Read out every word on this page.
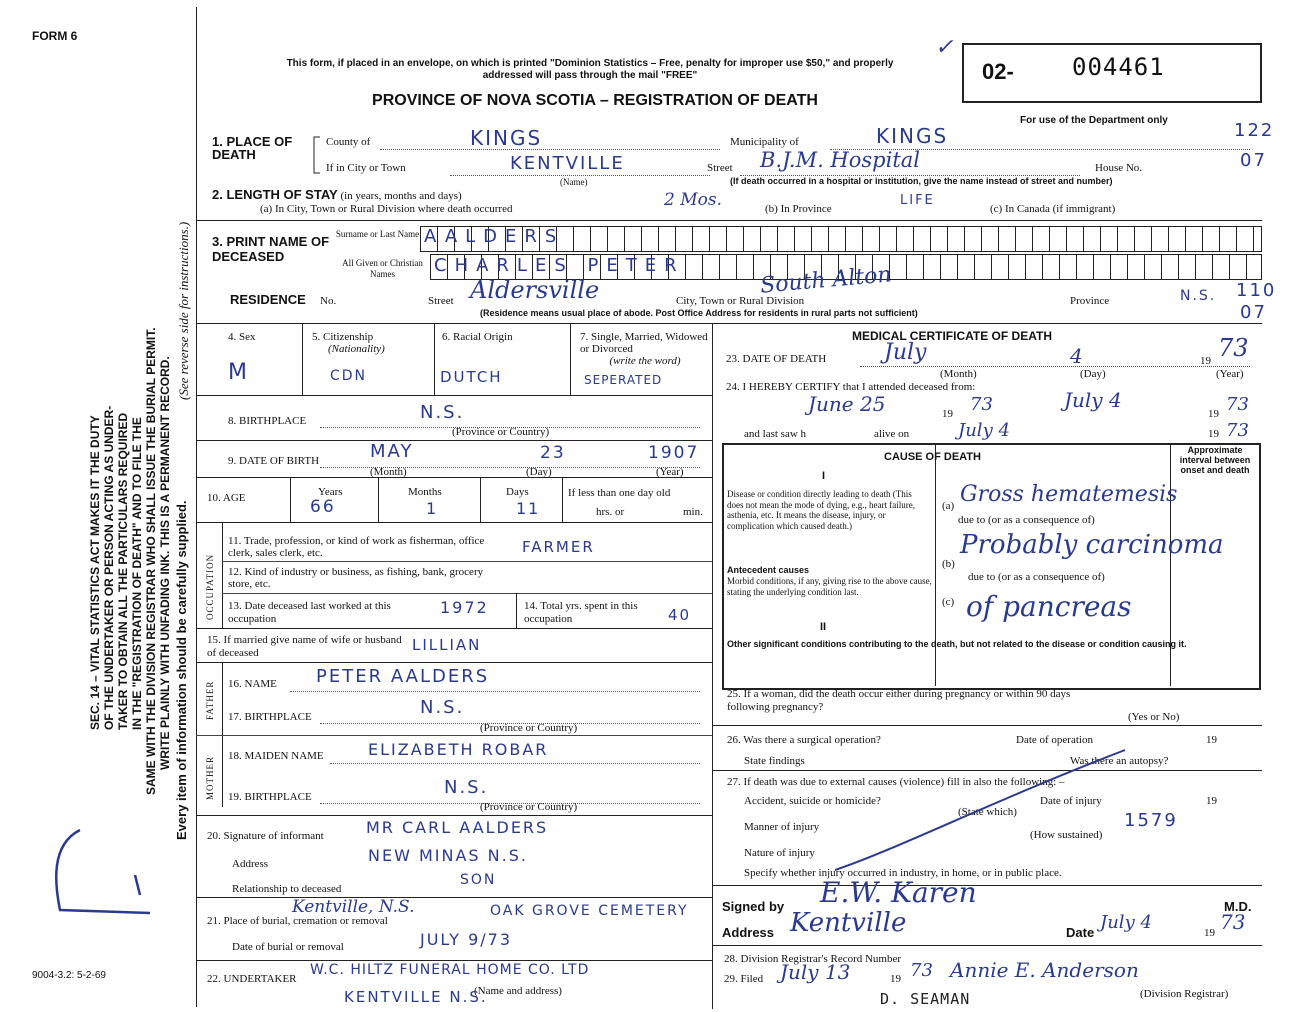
FORM 6
9004-3.2: 5-2-69
SEC. 14 – VITAL STATISTICS ACT MAKES IT THE DUTY OF THE UNDERTAKER OR PERSON ACTING AS UNDER- TAKER TO OBTAIN ALL THE PARTICULARS REQUIRED IN THE "REGISTRATION OF DEATH" AND TO FILE THE SAME WITH THE DIVISION REGISTRAR WHO SHALL ISSUE THE BURIAL PERMIT. WRITE PLAINLY WITH UNFADING INK. THIS IS A PERMANENT RECORD.
(See reverse side for instructions.)
Every item of information should be carefully supplied.
This form, if placed in an envelope, on which is printed "Dominion Statistics – Free, penalty for improper use $50," and properly addressed will pass through the mail "FREE"
PROVINCE OF NOVA SCOTIA – REGISTRATION OF DEATH
02- 004461
✓
For use of the Department only	122
07
110
07
1. PLACE OF DEATH
County of	KINGS	Municipality of	KINGS
If in City or Town	KENTVILLE
(Name)
Street B.J.M. Hospital	House No.
(If death occurred in a hospital or institution, give the name instead of street and number)
2. LENGTH OF STAY (in years, months and days)
(a) In City, Town or Rural Division where death occurred	2 Mos.	(b) In Province
LIFE
(c) In Canada (if immigrant)
3. PRINT NAME OF DECEASED
Surname or Last Name AALDERS
All Given or Christian Names	CHARLES PETER
RESIDENCE No.	Street Aldersville	City, Town or Rural Division
South Alton
Province	N.S.
(Residence means usual place of abode. Post Office Address for residents in rural parts not sufficient)
4. Sex
M
5. Citizenship
(Nationality)
CDN
6. Racial Origin
DUTCH
7. Single, Married, Widowed or Divorced
(write the word)
SEPERATED
8. BIRTHPLACE	N.S.
(Province or Country)
9. DATE OF BIRTH	MAY	23	1907
(Month)	(Day)	(Year)
10. AGE	Years	Months	Days
66	1	11
If less than one day old
hrs. or	min.
OCCUPATION
11. Trade, profession, or kind of work as fisherman, office clerk, sales clerk, etc.	FARMER
12. Kind of industry or business, as fishing, bank, grocery store, etc.
13. Date deceased last worked at this occupation
1972	14. Total yrs. spent in this occupation	40
15. If married give name of wife or husband of deceased	LILLIAN
FATHER 16. NAME PETER AALDERS
17. BIRTHPLACE	N.S.
(Province or Country)
MOTHER 18. MAIDEN NAME	ELIZABETH ROBAR
19. BIRTHPLACE	N.S.
(Province or Country)
20. Signature of informant	MR CARL AALDERS
Address	NEW MINAS N.S.
Relationship to deceased
SON
21. Place of burial, cremation or removal
Kentville, N.S.	OAK GROVE CEMETERY
Date of burial or removal	JULY 9/73
22. UNDERTAKER
W.C. HILTZ FUNERAL HOME CO. LTD
(Name and address)
KENTVILLE N.S.
MEDICAL CERTIFICATE OF DEATH
23. DATE OF DEATH	July	4	19 73
(Month)	(Day)	(Year)
24. I HEREBY CERTIFY that I attended deceased from:
June 25	19 73	July 4
19 73
and last saw h	alive on	July 4	19 73
CAUSE OF DEATH
Approximate interval between onset and death
I
Disease or condition directly leading to death (This does not mean the mode of dying, e.g., heart failure, asthenia, etc. It means the disease, injury, or complication which caused death.)
(a) Gross hematemesis
due to (or as a consequence of)
Antecedent causes
Morbid conditions, if any, giving rise to the above cause, stating the underlying condition last.
(b)
Probably carcinoma
due to (or as a consequence of)
(c) of pancreas
II
Other significant conditions contributing to the death, but not related to the disease or condition causing it.
25. If a woman, did the death occur either during pregnancy or within 90 days following pregnancy?
(Yes or No)
26. Was there a surgical operation?	Date of operation	19
State findings	Was there an autopsy?
27. If death was due to external causes (violence) fill in also the following: –
Accident, suicide or homicide?	Date of injury	19
(State which)
Manner of injury	1579
(How sustained)
Nature of injury
Specify whether injury occurred in industry, in home, or in public place.
Signed by E.W. Karen	M.D.
Address Kentville	Date July 4	19 73
28. Division Registrar's Record Number
29. Filed July 13	19 73 Annie E. Anderson
(Division Registrar)
D. SEAMAN
